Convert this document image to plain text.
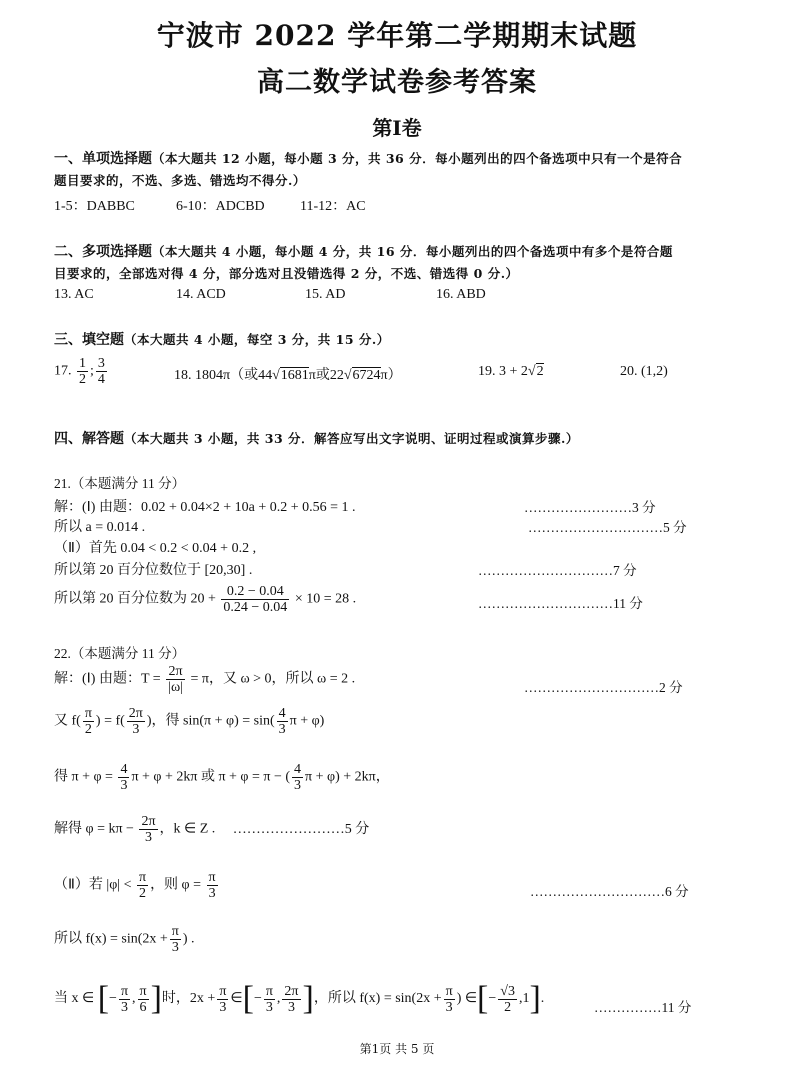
宁波市 2022 学年第二学期期末试题
高二数学试卷参考答案
第Ⅰ卷
一、单项选择题（本大题共 12 小题，每小题 3 分，共 36 分．每小题列出的四个备选项中只有一个是符合
题目要求的，不选、多选、错选均不得分.）
1-5：DABBC	6-10：ADCBD	11-12：AC
二、多项选择题（本大题共 4 小题，每小题 4 分，共 16 分．每小题列出的四个备选项中有多个是符合题
目要求的，全部选对得 4 分，部分选对且没错选得 2 分，不选、错选得 0 分.）
13. AC	14. ACD	15. AD	16. ABD
三、填空题（本大题共 4 小题，每空 3 分，共 15 分.）
17. $\frac{1}{2}$ ; $\frac{3}{4}$	18. 1804π（或44√1681π或22√6724π）	19. 3 + 2√2	20. (1,2)
四、解答题（本大题共 3 小题，共 33 分．解答应写出文字说明、证明过程或演算步骤.）
21.（本题满分 11 分）
解：(Ⅰ) 由题：0.02 + 0.04×2 + 10a + 0.2 + 0.56 = 1 .	……………………3 分
所以 a = 0.014 .	…………………………5 分
（Ⅱ）首先 0.04 < 0.2 < 0.04 + 0.2 ,
所以第 20 百分位数位于 [20,30] .	…………………………7 分
所以第 20 百分位数为 $20 + \frac{0.2 - 0.04}{0.24 - 0.04} \times 10 = 28$ .	…………………………11 分
22.（本题满分 11 分）
解：(Ⅰ) 由题：$T = \frac{2\pi}{|\omega|} = \pi$，又 ω > 0，所以 ω = 2 .
…………………………2 分
又 $f( \frac{\pi}{2}$ ) = $f( \frac{2\pi}{3}$ )，得 $\sin(\pi + \varphi) = \sin( \frac{4}{3}$ π + φ)
得 $\pi + \varphi = \frac{4}{3}$ π + φ + 2kπ 或 π + φ = π − ( $\frac{4}{3}$ π + φ) + 2kπ，
解得 $\varphi = k\pi - \frac{2\pi}{3}$ ，k ∈ Z . ……………………5 分
（Ⅱ）若 $|\varphi| < \frac{\pi}{2}$ ，则 $\varphi = \frac{\pi}{3}$	…………………………6 分
所以 $f(x) = \sin(2x + \frac{\pi}{3}$ ) .
当 x ∈ [− $\frac{\pi}{3}$ , $\frac{\pi}{6}$ ]时，$2x + \frac{\pi}{3}$ ∈[− $\frac{\pi}{3}$ , $\frac{2\pi}{3}$ ]，所以 $f(x) = \sin(2x + \frac{\pi}{3}$ ) ∈[− $\frac{√3}{2} ,1$].
……………11 分
第1页 共 5 页
